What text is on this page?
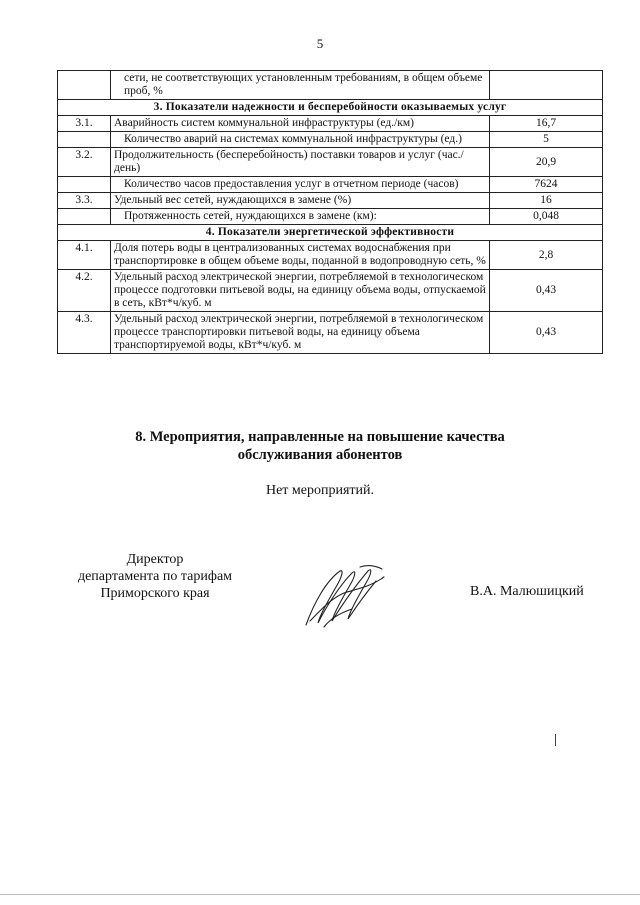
5
	сети, не соответствующих установленным требованиям, в общем объеме проб, %	
3. Показатели надежности и бесперебойности оказываемых услуг		
3.1.	Аварийность систем коммунальной инфраструктуры (ед./км)	16,7
	Количество аварий на системах коммунальной инфраструктуры (ед.)	5
3.2.	Продолжительность (бесперебойность) поставки товаров и услуг (час./день)	20,9
	Количество часов предоставления услуг в отчетном периоде (часов)	7624
3.3.	Удельный вес сетей, нуждающихся в замене (%)	16
	Протяженность сетей, нуждающихся в замене (км):	0,048
4. Показатели энергетической эффективности		
4.1.	Доля потерь воды в централизованных системах водоснабжения при транспортировке в общем объеме воды, поданной в водопроводную сеть, %	2,8
4.2.	Удельный расход электрической энергии, потребляемой в технологическом процессе подготовки питьевой воды, на единицу объема воды, отпускаемой в сеть, кВт*ч/куб. м	0,43
4.3.	Удельный расход электрической энергии, потребляемой в технологическом процессе транспортировки питьевой воды, на единицу объема транспортируемой воды, кВт*ч/куб. м	0,43
8. Мероприятия, направленные на повышение качества
обслуживания абонентов
Нет мероприятий.
Директор
департамента по тарифам
Приморского края	В.А. Малюшицкий
